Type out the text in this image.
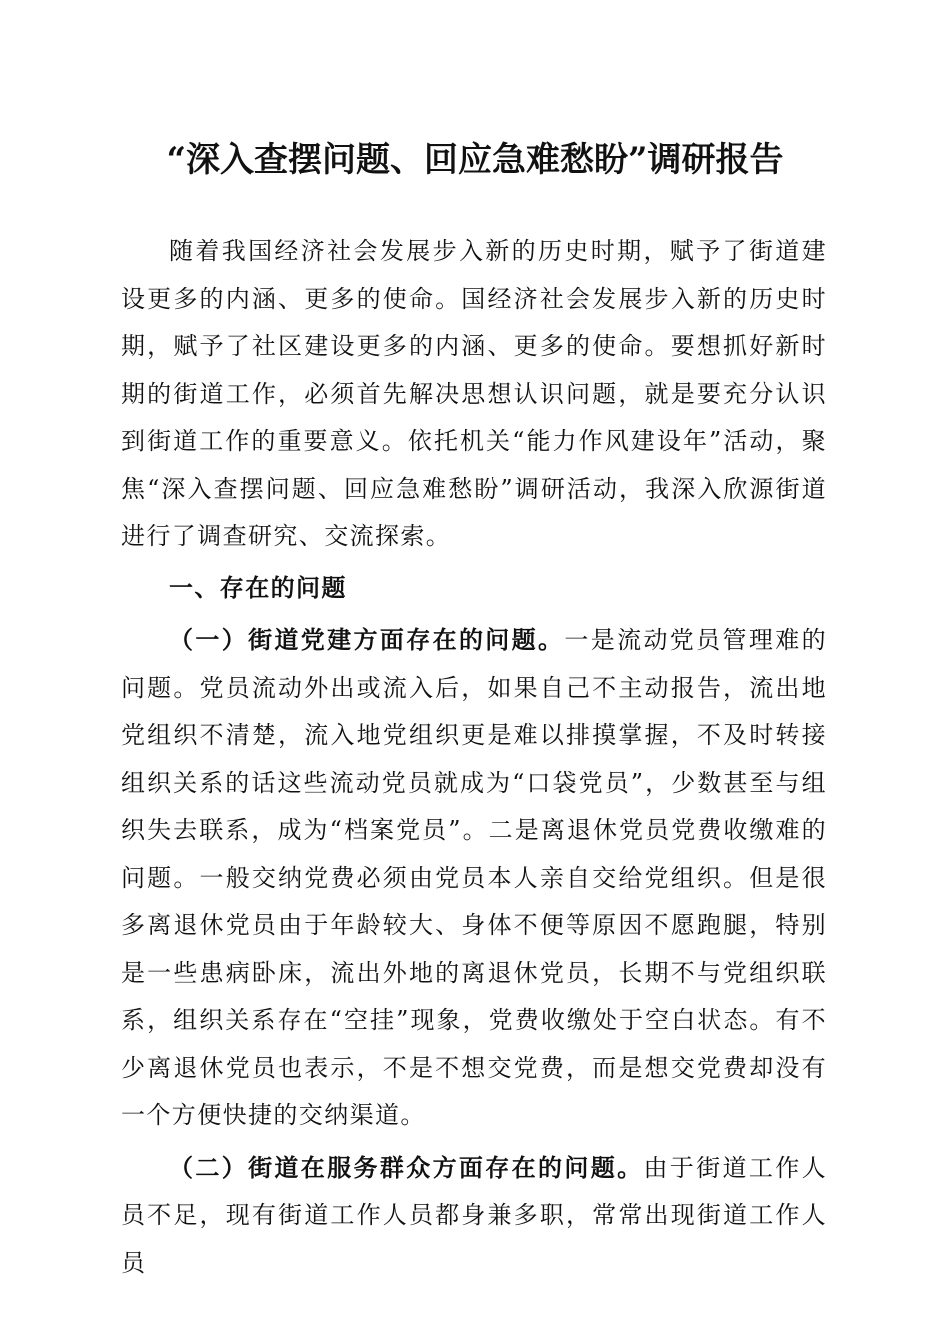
“深入查摆问题、回应急难愁盼”调研报告

随着我国经济社会发展步入新的历史时期，赋予了街道建设更多的内涵、更多的使命。国经济社会发展步入新的历史时期，赋予了社区建设更多的内涵、更多的使命。要想抓好新时期的街道工作，必须首先解决思想认识问题，就是要充分认识到街道工作的重要意义。依托机关“能力作风建设年”活动，聚焦“深入查摆问题、回应急难愁盼”调研活动，我深入欣源街道进行了调查研究、交流探索。

一、存在的问题

（一）街道党建方面存在的问题。一是流动党员管理难的问题。党员流动外出或流入后，如果自己不主动报告，流出地党组织不清楚，流入地党组织更是难以排摸掌握，不及时转接组织关系的话这些流动党员就成为“口袋党员”，少数甚至与组织失去联系，成为“档案党员”。二是离退休党员党费收缴难的问题。一般交纳党费必须由党员本人亲自交给党组织。但是很多离退休党员由于年龄较大、身体不便等原因不愿跑腿，特别是一些患病卧床，流出外地的离退休党员，长期不与党组织联系，组织关系存在“空挂”现象，党费收缴处于空白状态。有不少离退休党员也表示，不是不想交党费，而是想交党费却没有一个方便快捷的交纳渠道。

（二）街道在服务群众方面存在的问题。由于街道工作人员不足，现有街道工作人员都身兼多职，常常出现街道工作人员
